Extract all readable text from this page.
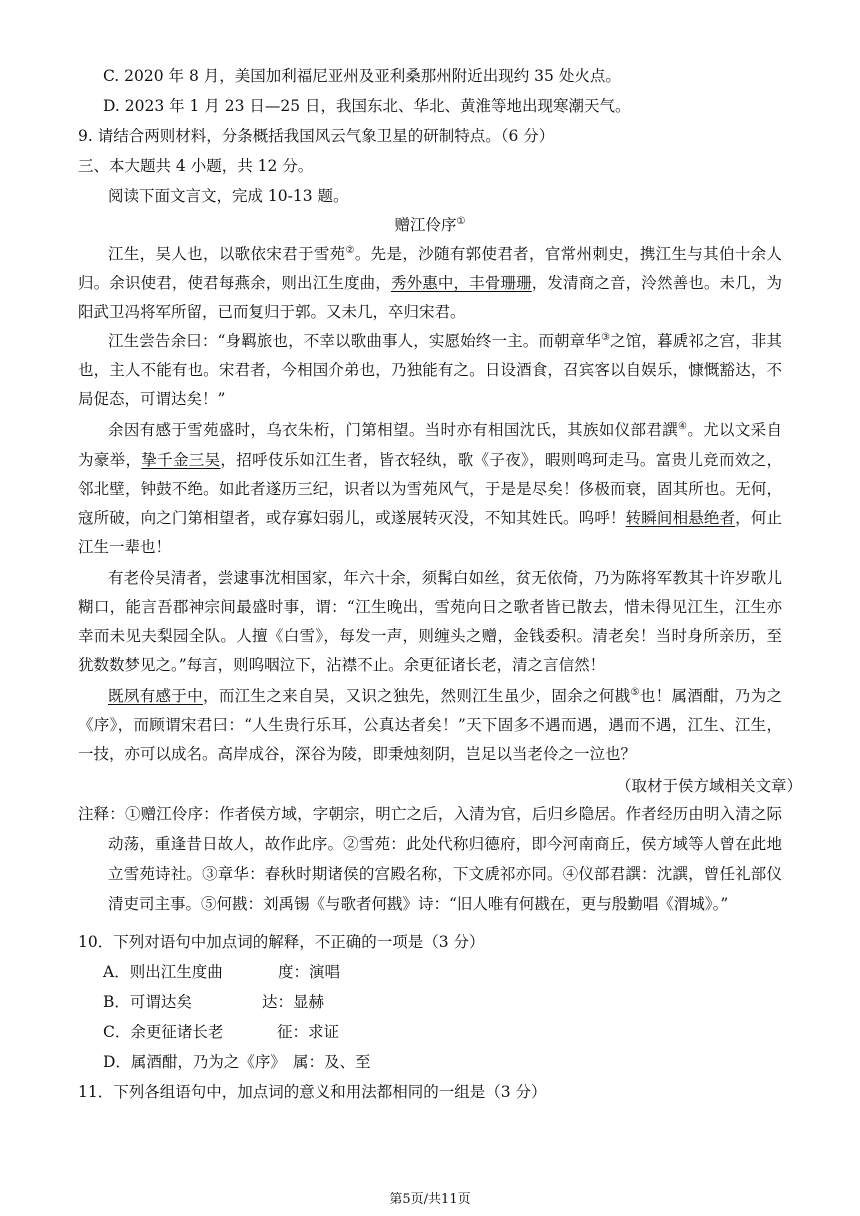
C. 2020 年 8 月，美国加利福尼亚州及亚利桑那州附近出现约 35 处火点。
D. 2023 年 1 月 23 日—25 日，我国东北、华北、黄淮等地出现寒潮天气。
9. 请结合两则材料，分条概括我国风云气象卫星的研制特点。（6 分）
三、本大题共 4 小题，共 12 分。
阅读下面文言文，完成 10-13 题。
赠江伶序①
江生，吴人也，以歌依宋君于雪苑②。先是，沙随有郭使君者，官常州刺史，携江生与其伯十余人
归。余识使君，使君每燕余，则出江生度曲，秀外惠中，丰骨珊珊，发清商之音，泠然善也。未几，为
阳武卫冯将军所留，已而复归于郭。又未几，卒归宋君。
江生尝告余曰：“身羁旅也，不幸以歌曲事人，实愿始终一主。而朝章华③之馆，暮虒祁之宫，非其
也，主人不能有也。宋君者，今相国介弟也，乃独能有之。日设酒食，召宾客以自娱乐，慷慨豁达，不
局促态，可谓达矣！”
余因有感于雪苑盛时，乌衣朱桁，门第相望。当时亦有相国沈氏，其族如仪部君譔④。尤以文采自
为豪举，挚千金三吴，招呼伎乐如江生者，皆衣轻纨，歌《子夜》，暇则鸣珂走马。富贵儿竞而效之，
邻北壁，钟鼓不绝。如此者遂历三纪，识者以为雪苑风气，于是是尽矣！侈极而衰，固其所也。无何，
寇所破，向之门第相望者，或存寡妇弱儿，或遂展转灭没，不知其姓氏。呜呼！转瞬间相悬绝者，何止
江生一辈也！
有老伶吴清者，尝逮事沈相国家，年六十余，须髯白如丝，贫无依倚，乃为陈将军教其十许岁歌儿
糊口，能言吾郡神宗间最盛时事，谓：“江生晚出，雪苑向日之歌者皆已散去，惜未得见江生，江生亦
幸而未见夫梨园全队。人擅《白雪》，每发一声，则缠头之赠，金钱委积。清老矣！当时身所亲历，至
犹数数梦见之。”每言，则呜咽泣下，沾襟不止。余更征诸长老，清之言信然！
既夙有感于中，而江生之来自吴，又识之独先，然则江生虽少，固余之何戡⑤也！属酒酣，乃为之
《序》，而顾谓宋君曰：“人生贵行乐耳，公真达者矣！”天下固多不遇而遇，遇而不遇，江生、江生，
一技，亦可以成名。高岸成谷，深谷为陵，即秉烛刻阴，岂足以当老伶之一泣也？
（取材于侯方域相关文章）
注释：①赠江伶序：作者侯方域，字朝宗，明亡之后，入清为官，后归乡隐居。作者经历由明入清之际
动荡，重逢昔日故人，故作此序。②雪苑：此处代称归德府，即今河南商丘，侯方域等人曾在此地
立雪苑诗社。③章华：春秋时期诸侯的宫殿名称，下文虒祁亦同。④仪部君譔：沈譔，曾任礼部仪
清吏司主事。⑤何戡：刘禹锡《与歌者何戡》诗：“旧人唯有何戡在，更与殷勤唱《渭城》。”
10．下列对语句中加点词的解释，不正确的一项是（3 分）
A．则出江生度曲	度：演唱
B．可谓达矣	达：显赫
C．余更征诸长老	征：求证
D．属酒酣，乃为之《序》 属：及、至
11．下列各组语句中，加点词的意义和用法都相同的一组是（3 分）
第5页/共11页
